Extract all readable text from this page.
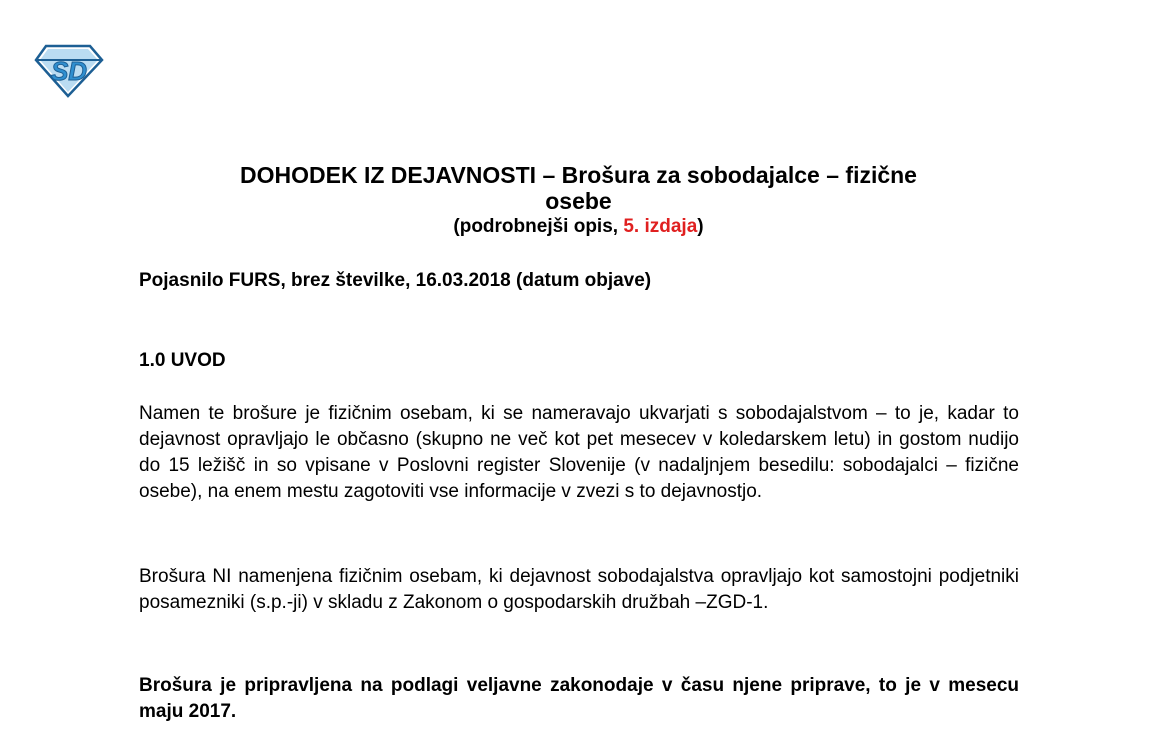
SD
DOHODEK IZ DEJAVNOSTI – Brošura za sobodajalce – fizične
osebe
(podrobnejši opis, 5. izdaja)
Pojasnilo FURS, brez številke, 16.03.2018 (datum objave)
1.0 UVOD

Namen te brošure je fizičnim osebam, ki se nameravajo ukvarjati s sobodajalstvom – to je, kadar to dejavnost opravljajo le občasno (skupno ne več kot pet mesecev v koledarskem letu) in gostom nudijo do 15 ležišč in so vpisane v Poslovni register Slovenije (v nadaljnjem besedilu: sobodajalci – fizične osebe), na enem mestu zagotoviti vse informacije v zvezi s to dejavnostjo.

Brošura NI namenjena fizičnim osebam, ki dejavnost sobodajalstva opravljajo kot samostojni podjetniki posamezniki (s.p.-ji) v skladu z Zakonom o gospodarskih družbah –ZGD-1.

Brošura je pripravljena na podlagi veljavne zakonodaje v času njene priprave, to je v mesecu maju 2017.
